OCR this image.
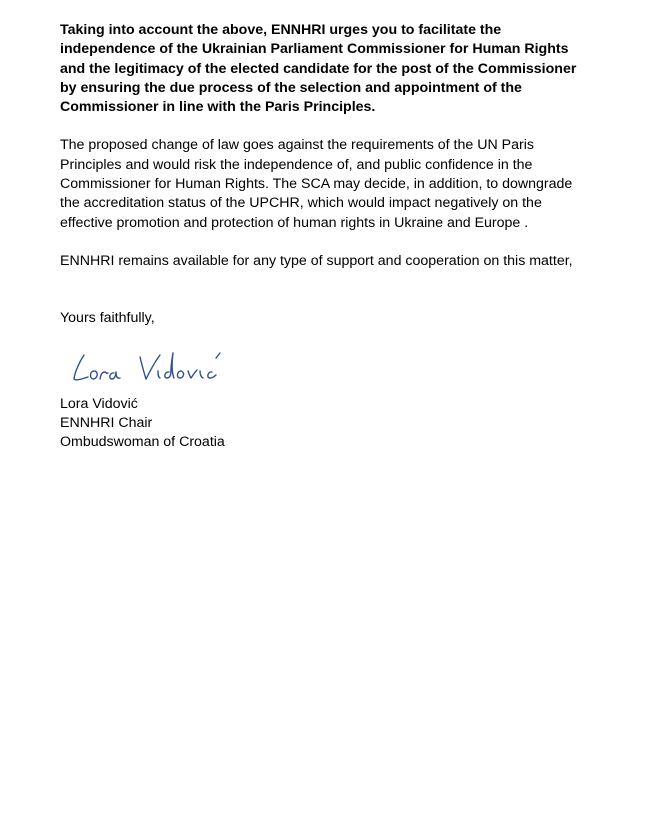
Taking into account the above, ENNHRI urges you to facilitate the
independence of the Ukrainian Parliament Commissioner for Human Rights
and the legitimacy of the elected candidate for the post of the Commissioner
by ensuring the due process of the selection and appointment of the
Commissioner in line with the Paris Principles.
The proposed change of law goes against the requirements of the UN Paris
Principles and would risk the independence of, and public confidence in the
Commissioner for Human Rights. The SCA may decide, in addition, to downgrade
the accreditation status of the UPCHR, which would impact negatively on the
effective promotion and protection of human rights in Ukraine and Europe .
ENNHRI remains available for any type of support and cooperation on this matter,
Yours faithfully,
Lora Vidović
ENNHRI Chair
Ombudswoman of Croatia
